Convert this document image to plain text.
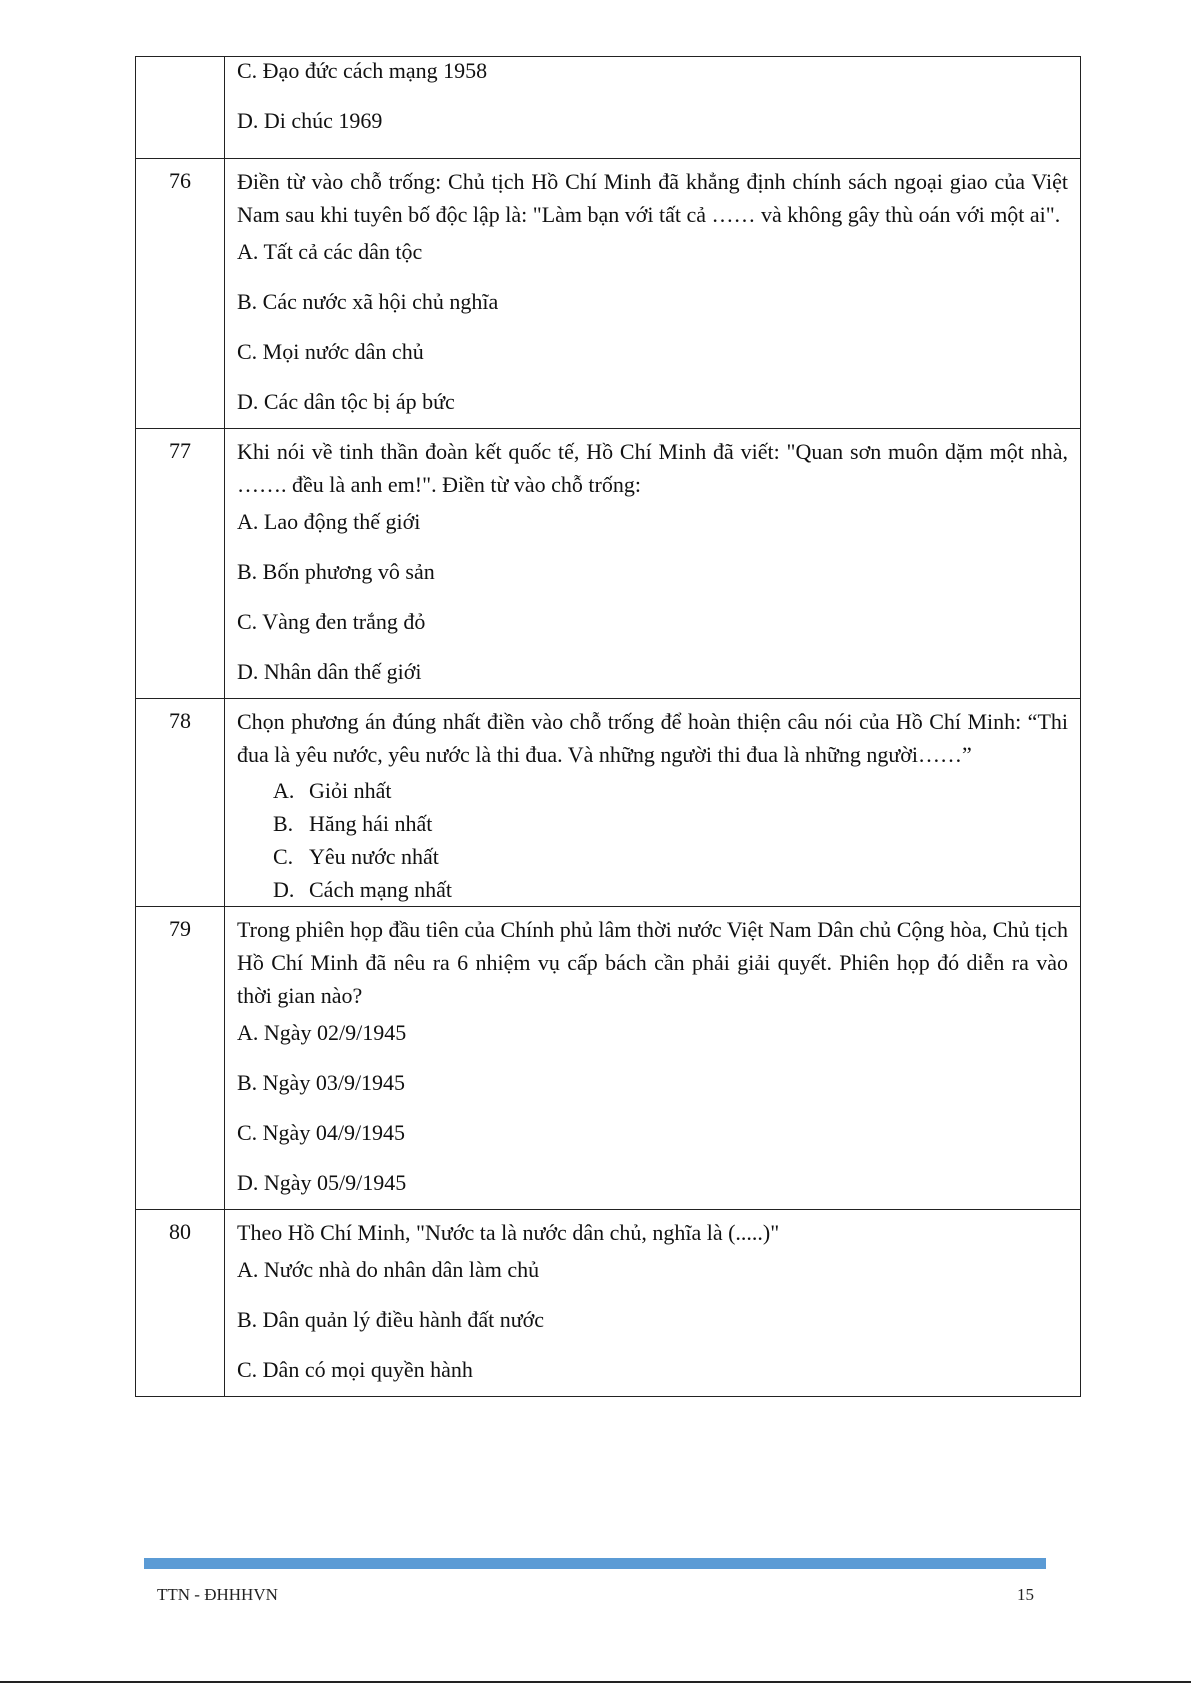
	C. Đạo đức cách mạng 1958
D. Di chúc 1969

76	Điền từ vào chỗ trống: Chủ tịch Hồ Chí Minh đã khẳng định chính sách ngoại giao của Việt Nam sau khi tuyên bố độc lập là: "Làm bạn với tất cả …… và không gây thù oán với một ai".
A. Tất cả các dân tộc
B. Các nước xã hội chủ nghĩa
C. Mọi nước dân chủ
D. Các dân tộc bị áp bức

77	Khi nói về tinh thần đoàn kết quốc tế, Hồ Chí Minh đã viết: "Quan sơn muôn dặm một nhà, ……. đều là anh em!". Điền từ vào chỗ trống:
A. Lao động thế giới
B. Bốn phương vô sản
C. Vàng đen trắng đỏ
D. Nhân dân thế giới

78	Chọn phương án đúng nhất điền vào chỗ trống để hoàn thiện câu nói của Hồ Chí Minh: “Thi đua là yêu nước, yêu nước là thi đua. Và những người thi đua là những người……”
A. Giỏi nhất
B. Hăng hái nhất
C. Yêu nước nhất
D. Cách mạng nhất

79	Trong phiên họp đầu tiên của Chính phủ lâm thời nước Việt Nam Dân chủ Cộng hòa, Chủ tịch Hồ Chí Minh đã nêu ra 6 nhiệm vụ cấp bách cần phải giải quyết. Phiên họp đó diễn ra vào thời gian nào?
A. Ngày 02/9/1945
B. Ngày 03/9/1945
C. Ngày 04/9/1945
D. Ngày 05/9/1945

80	Theo Hồ Chí Minh, "Nước ta là nước dân chủ, nghĩa là (.....)"
A. Nước nhà do nhân dân làm chủ
B. Dân quản lý điều hành đất nước
C. Dân có mọi quyền hành
TTN - ĐHHHVN	15
